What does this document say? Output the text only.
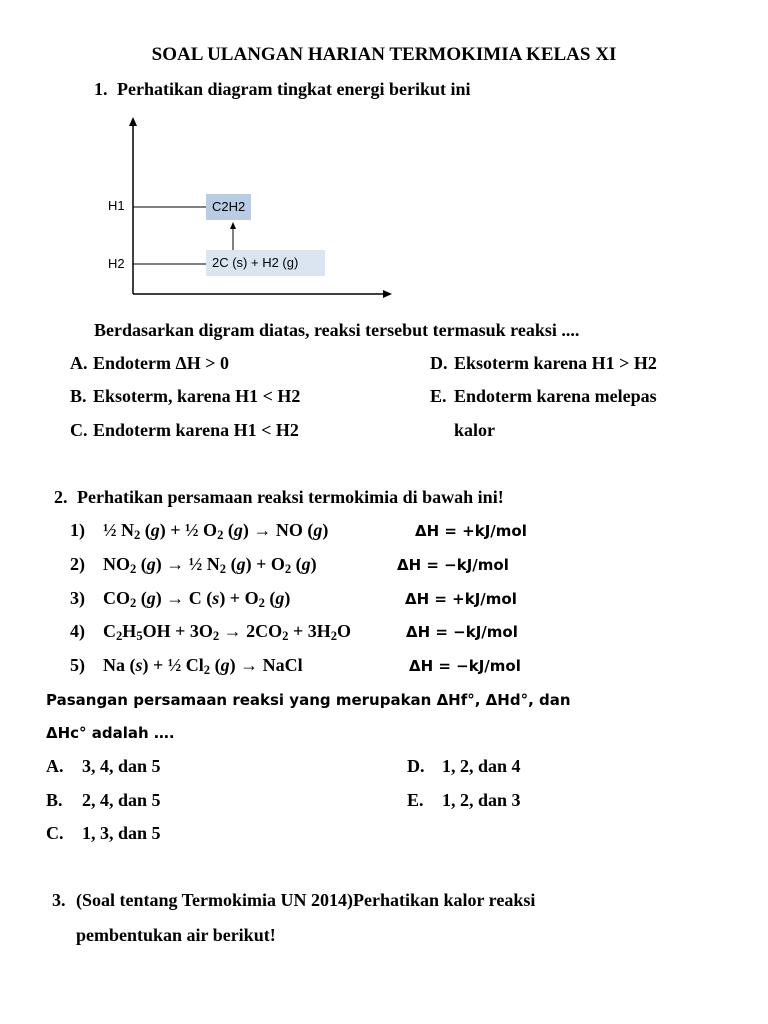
SOAL ULANGAN HARIAN TERMOKIMIA KELAS XI
1. Perhatikan diagram tingkat energi berikut ini
H1
H2
C2H2
2C (s) + H2 (g)
Berdasarkan digram diatas, reaksi tersebut termasuk reaksi ....
A. Endoterm ΔH > 0
B. Eksoterm, karena H1 < H2
C. Endoterm karena H1 < H2
D. Eksoterm karena H1 > H2
E. Endoterm karena melepas
kalor
2. Perhatikan persamaan reaksi termokimia di bawah ini!
1) ½ $N_2$ (g) + ½ $O_2$ (g) → NO (g)	ΔH = +kJ/mol
2) $NO_2$ (g) → ½ $N_2$ $(g) + O_2$ (g)	ΔH = −kJ/mol
3) $CO_2$ (g) → C $(s) + O_2$ (g)	ΔH = +kJ/mol
4) $C_2H_5OH + 3O_2 \to 2CO_2 + 3H_2O$	ΔH = −kJ/mol
5) Na (s) + ½ $Cl_2$ (g) → NaCl	ΔH = −kJ/mol
Pasangan persamaan reaksi yang merupakan ΔHf°, ΔHd°, dan
ΔHc° adalah ….
A. 3, 4, dan 5
B. 2, 4, dan 5
C. 1, 3, dan 5
D. 1, 2, dan 4
E. 1, 2, dan 3
3. (Soal tentang Termokimia UN 2014)Perhatikan kalor reaksi
pembentukan air berikut!
